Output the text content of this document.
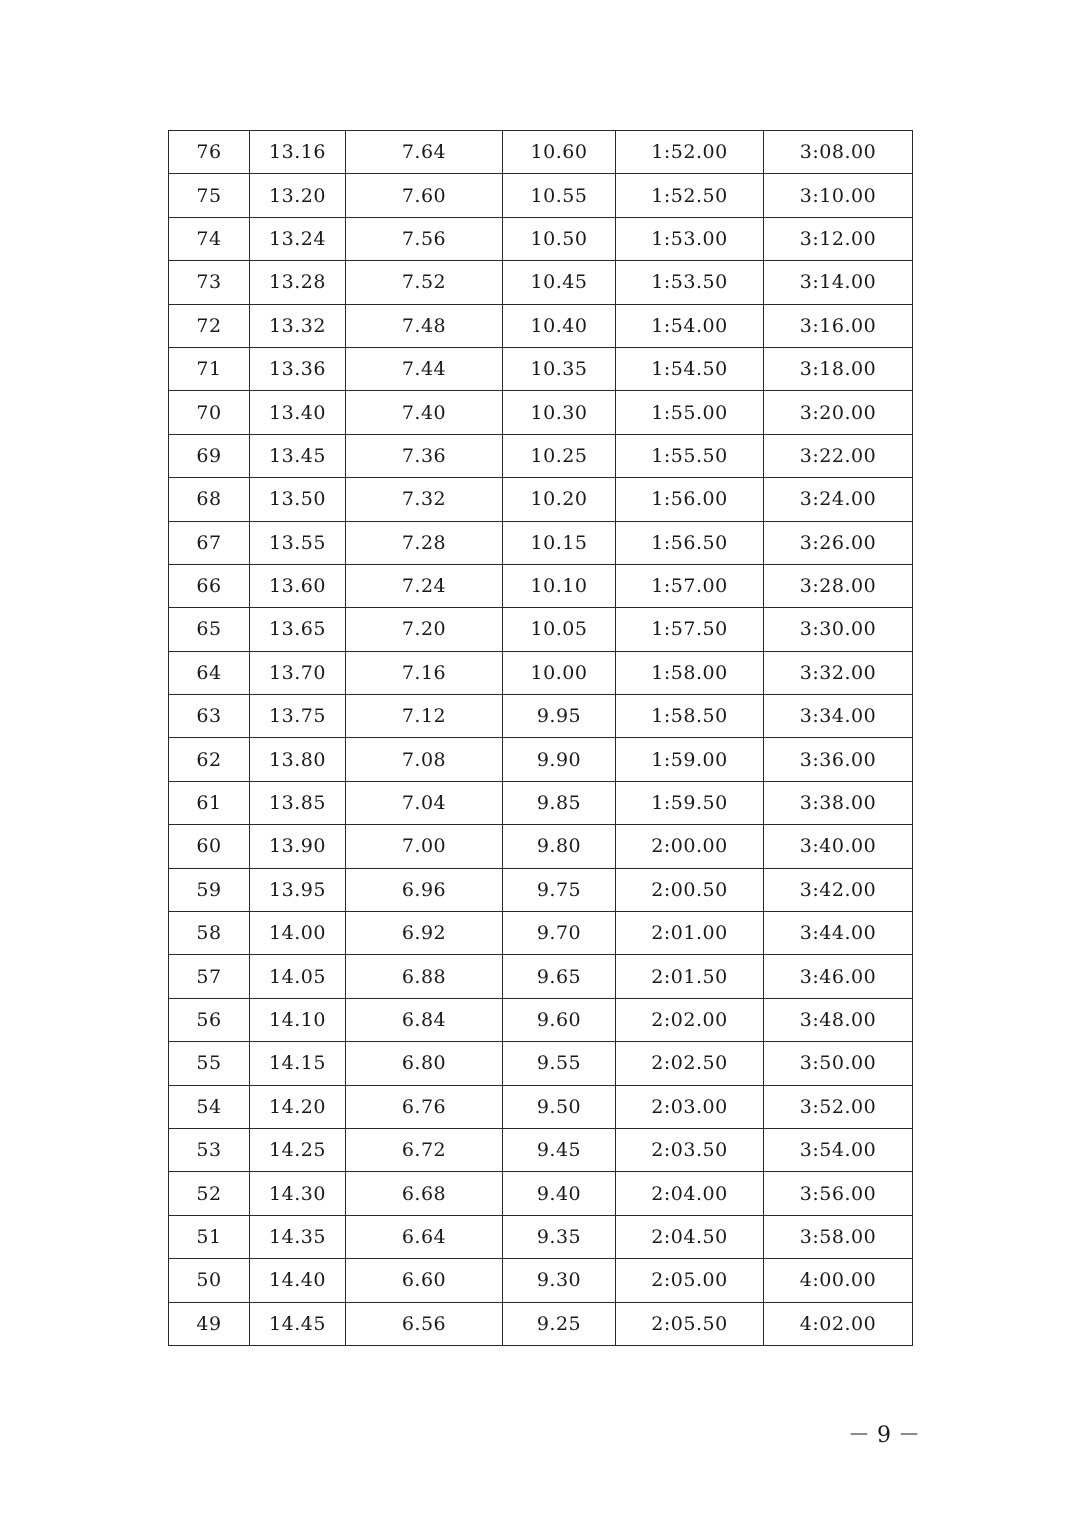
76	13.16	7.64	10.60	1:52.00	3:08.00
75	13.20	7.60	10.55	1:52.50	3:10.00
74	13.24	7.56	10.50	1:53.00	3:12.00
73	13.28	7.52	10.45	1:53.50	3:14.00
72	13.32	7.48	10.40	1:54.00	3:16.00
71	13.36	7.44	10.35	1:54.50	3:18.00
70	13.40	7.40	10.30	1:55.00	3:20.00
69	13.45	7.36	10.25	1:55.50	3:22.00
68	13.50	7.32	10.20	1:56.00	3:24.00
67	13.55	7.28	10.15	1:56.50	3:26.00
66	13.60	7.24	10.10	1:57.00	3:28.00
65	13.65	7.20	10.05	1:57.50	3:30.00
64	13.70	7.16	10.00	1:58.00	3:32.00
63	13.75	7.12	9.95	1:58.50	3:34.00
62	13.80	7.08	9.90	1:59.00	3:36.00
61	13.85	7.04	9.85	1:59.50	3:38.00
60	13.90	7.00	9.80	2:00.00	3:40.00
59	13.95	6.96	9.75	2:00.50	3:42.00
58	14.00	6.92	9.70	2:01.00	3:44.00
57	14.05	6.88	9.65	2:01.50	3:46.00
56	14.10	6.84	9.60	2:02.00	3:48.00
55	14.15	6.80	9.55	2:02.50	3:50.00
54	14.20	6.76	9.50	2:03.00	3:52.00
53	14.25	6.72	9.45	2:03.50	3:54.00
52	14.30	6.68	9.40	2:04.00	3:56.00
51	14.35	6.64	9.35	2:04.50	3:58.00
50	14.40	6.60	9.30	2:05.00	4:00.00
49	14.45	6.56	9.25	2:05.50	4:02.00
－ 9 －
